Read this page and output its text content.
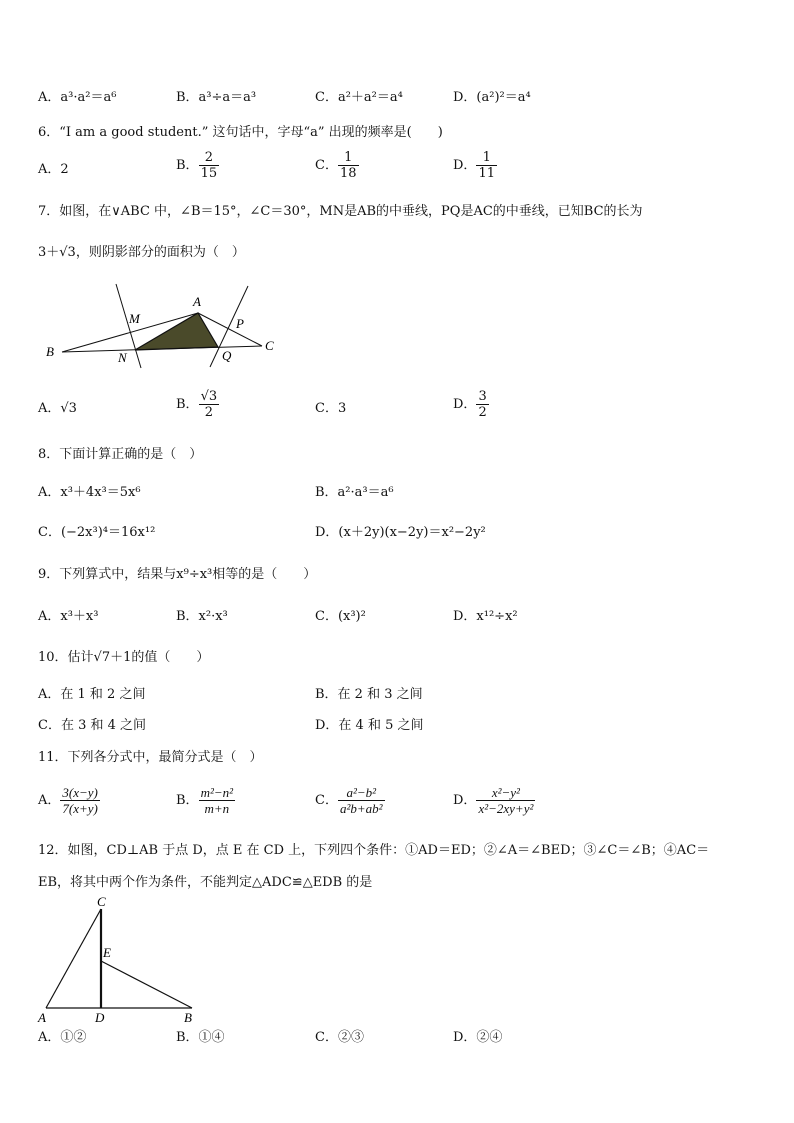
A．a³·a²＝a⁶	B．a³÷a＝a³	C．a²＋a²＝a⁴	D．(a²)²＝a⁴
6．“I am a good student.” 这句话中，字母“a” 出现的频率是(　　)
A．2	B． $\frac{2}{15}$	C． $\frac{1}{18}$	D． $\frac{1}{11}$
7．如图，在∨ABC 中，∠B＝15°，∠C＝30°，MN是AB的中垂线，PQ是AC的中垂线，已知BC的长为
3＋√3，则阴影部分的面积为（　）
A
B	C
M
N
P
Q
A．√3	B． $\frac{√3}{2}$	C．3	D． $\frac{3}{2}$
8．下面计算正确的是（　）
A．x³＋4x³＝5x⁶	B．a²·a³＝a⁶
C．(−2x³)⁴＝16x¹²	D．(x＋2y)(x−2y)＝x²−2y²
9．下列算式中，结果与x⁹÷x³相等的是（　　）
A．x³＋x³	B．x²·x³	C．(x³)²	D．x¹²÷x²
10．估计√7＋1的值（　　）
A．在 1 和 2 之间	B．在 2 和 3 之间
C．在 3 和 4 之间	D．在 4 和 5 之间
11．下列各分式中，最简分式是（　）
A． $\frac{3(x-y)}{7(x+y)}$	B． $\frac{\text{m²−n²}}{m+n}$	C． $\frac{\text{a²−b²}}{\text{a²b+ab²}}$	D． $\frac{\text{x²−y²}}{\text{x²−2xy+y²}}$
12．如图，CD⊥AB 于点 D，点 E 在 CD 上，下列四个条件：①AD＝ED；②∠A＝∠BED；③∠C＝∠B；④AC＝
EB，将其中两个作为条件，不能判定△ADC≌△EDB 的是
C
E
A	D	B
A．①②	B．①④	C．②③	D．②④
